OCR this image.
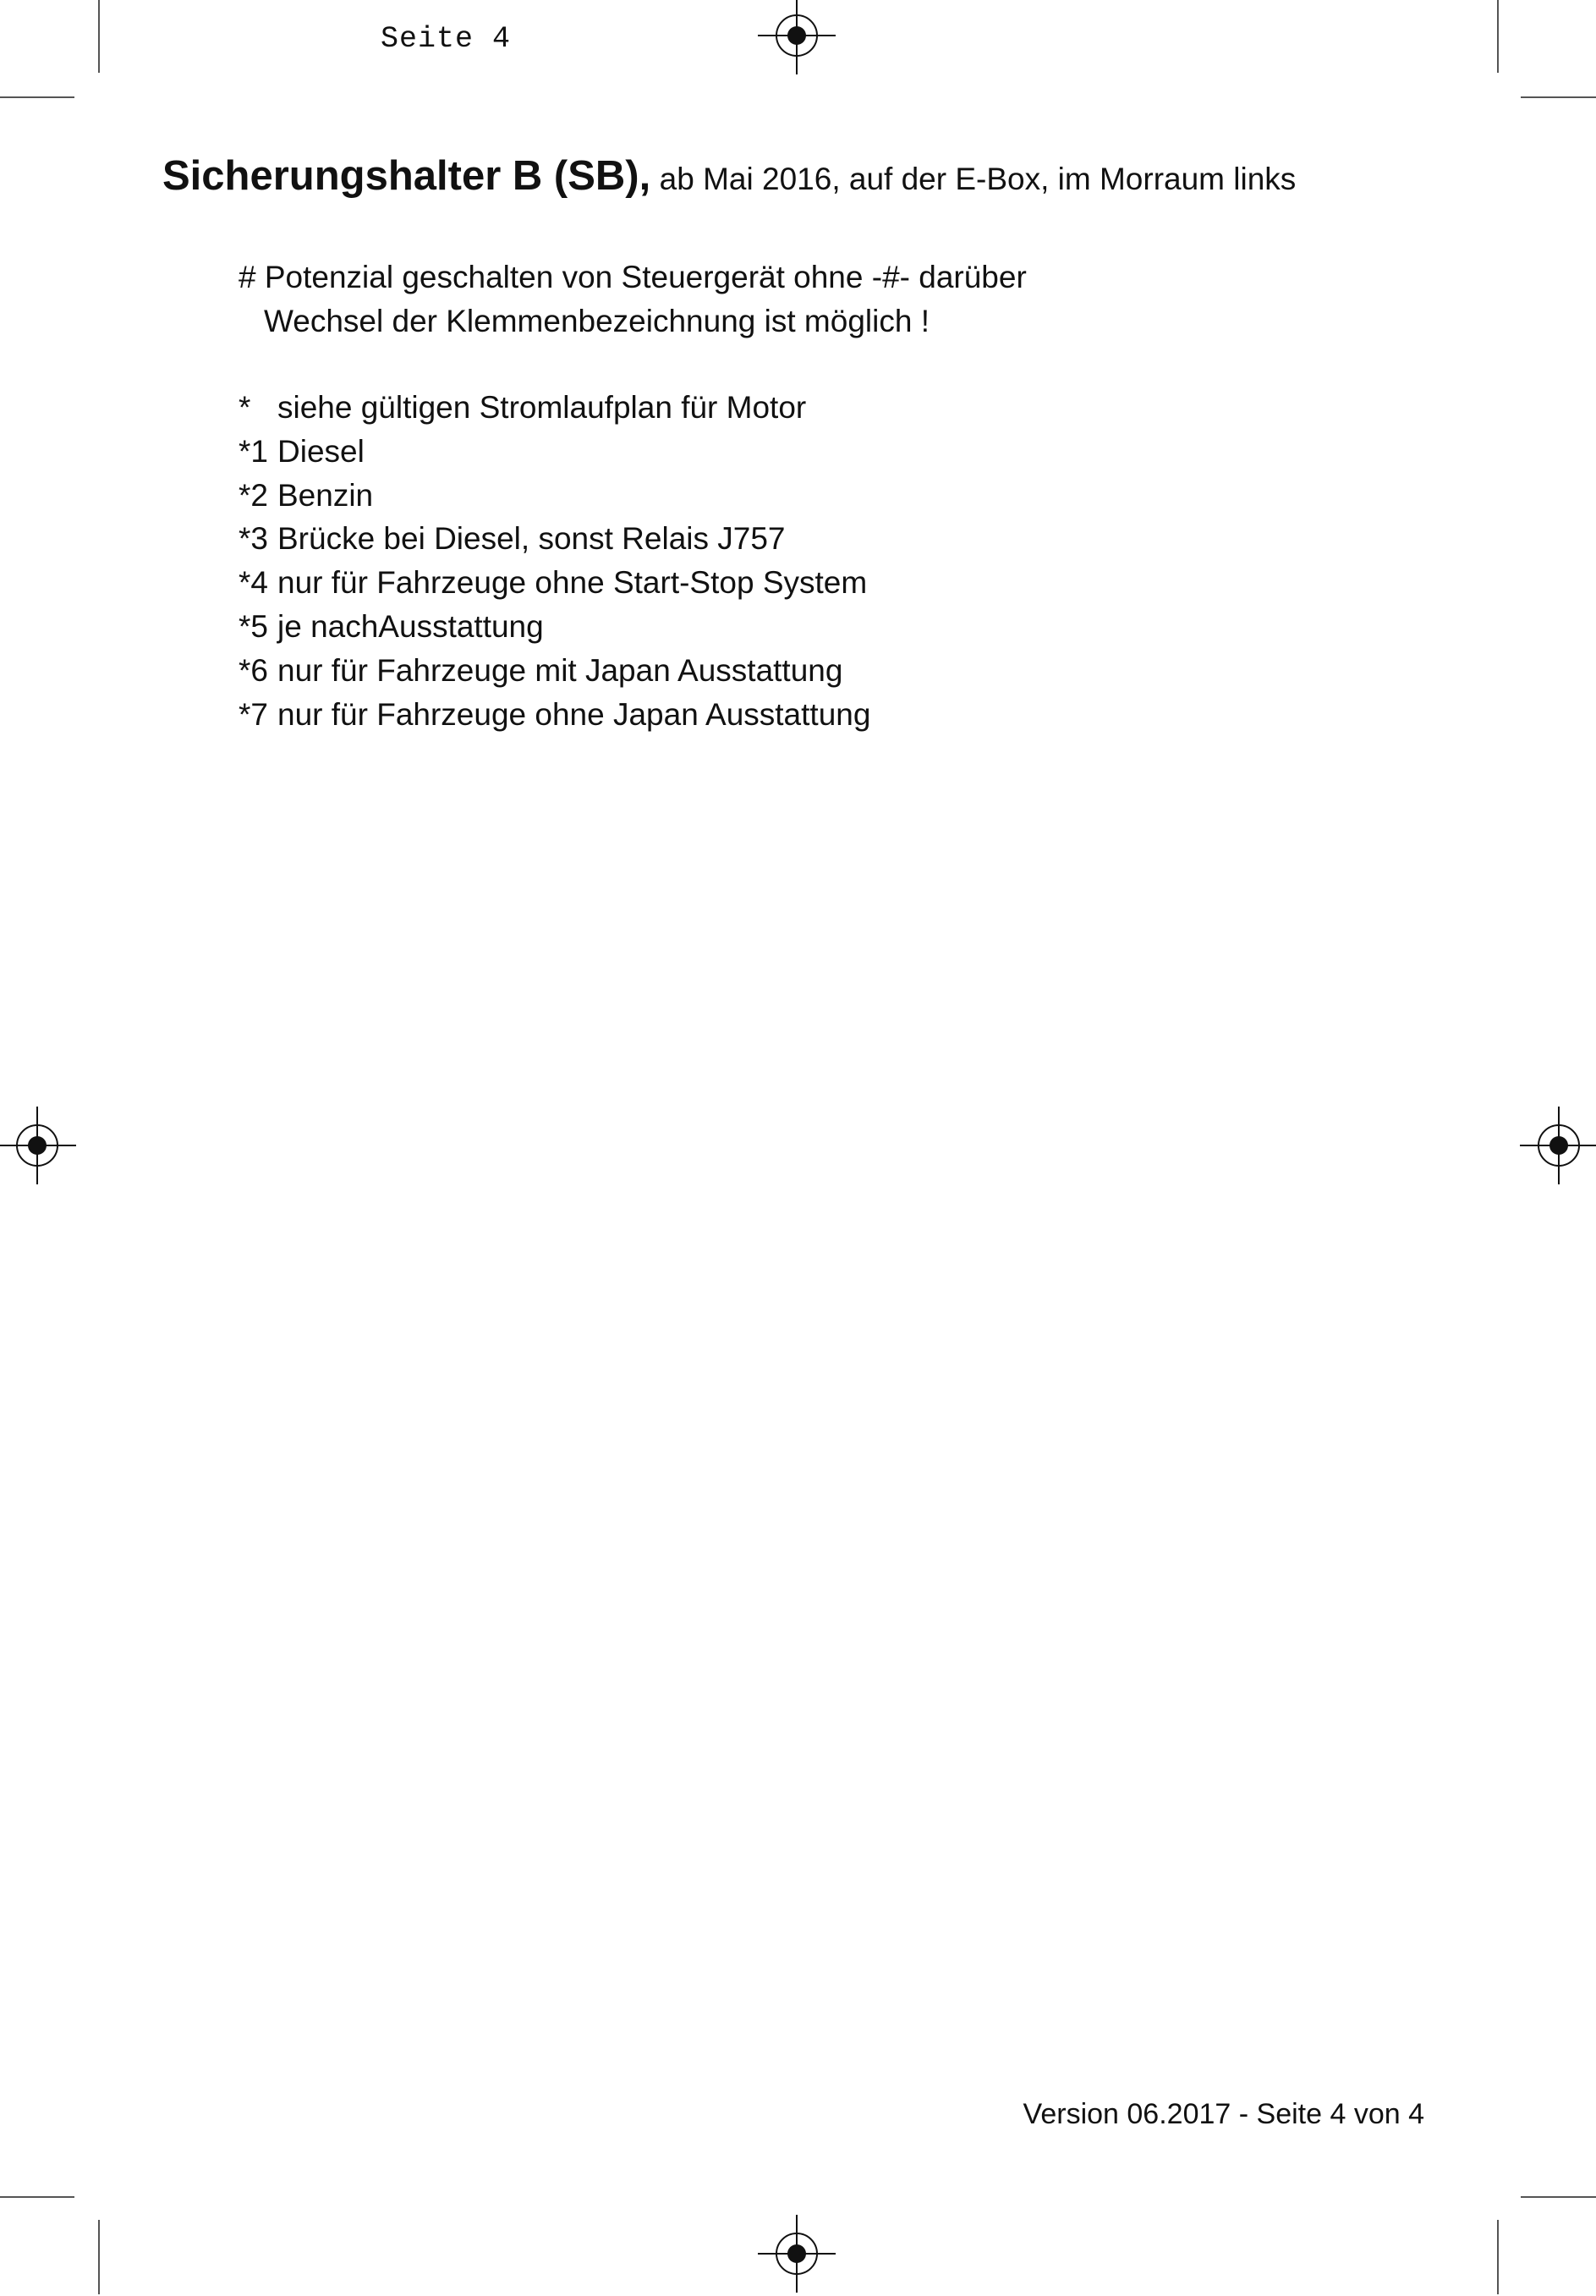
Seite 4
Sicherungshalter B (SB), ab Mai 2016, auf der E-Box, im Morraum links
# Potenzial geschalten von Steuergerät ohne -#- darüber
Wechsel der Klemmenbezeichnung ist möglich !
* siehe gültigen Stromlaufplan für Motor
*1 Diesel
*2 Benzin
*3 Brücke bei Diesel, sonst Relais J757
*4 nur für Fahrzeuge ohne Start-Stop System
*5 je nachAusstattung
*6 nur für Fahrzeuge mit Japan Ausstattung
*7 nur für Fahrzeuge ohne Japan Ausstattung
Version 06.2017 - Seite 4 von 4
